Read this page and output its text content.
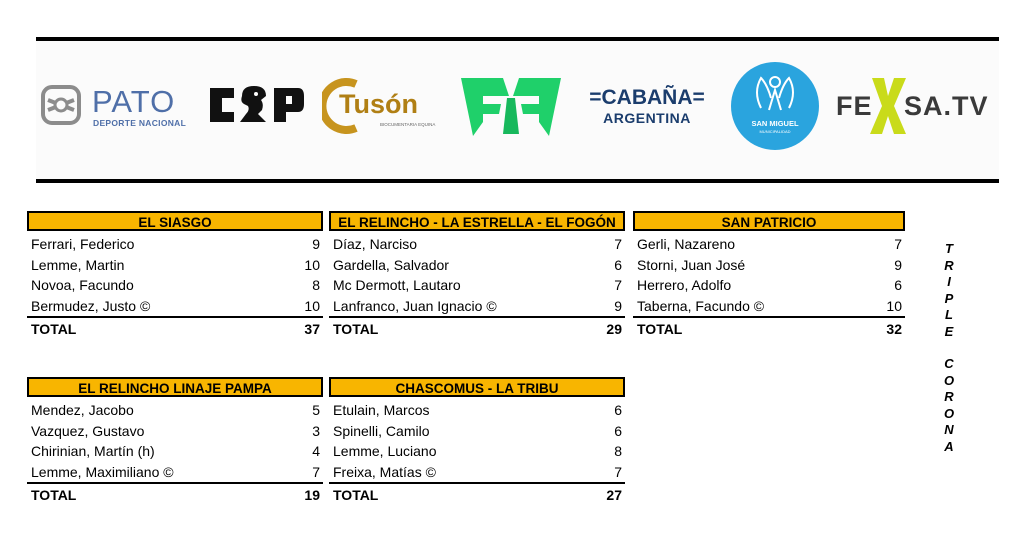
PATO
DEPORTE NACIONAL
Tusón
BIOCUMENTARIA EQUINA
=CABAÑA=
ARGENTINA	SAN MIGUEL
MUNICIPALIDAD
FE SA.TV
EL SIASGO
Ferrari, Federico	9
Lemme, Martin	10
Novoa, Facundo	8
Bermudez, Justo ©	10
TOTAL	37
EL RELINCHO - LA ESTRELLA - EL FOGÓN
Díaz, Narciso	7
Gardella, Salvador	6
Mc Dermott, Lautaro	7
Lanfranco, Juan Ignacio ©	9
TOTAL	29
SAN PATRICIO
Gerli, Nazareno	7
Storni, Juan José	9
Herrero, Adolfo	6
Taberna, Facundo ©	10
TOTAL	32
EL RELINCHO LINAJE PAMPA
Mendez, Jacobo	5
Vazquez, Gustavo	3
Chirinian, Martín (h)	4
Lemme, Maximiliano ©	7
TOTAL	19
CHASCOMUS - LA TRIBU
Etulain, Marcos	6
Spinelli, Camilo	6
Lemme, Luciano	8
Freixa, Matías ©	7
TOTAL	27
T
R
I
P
L
E
C
O
R
O
N
A
